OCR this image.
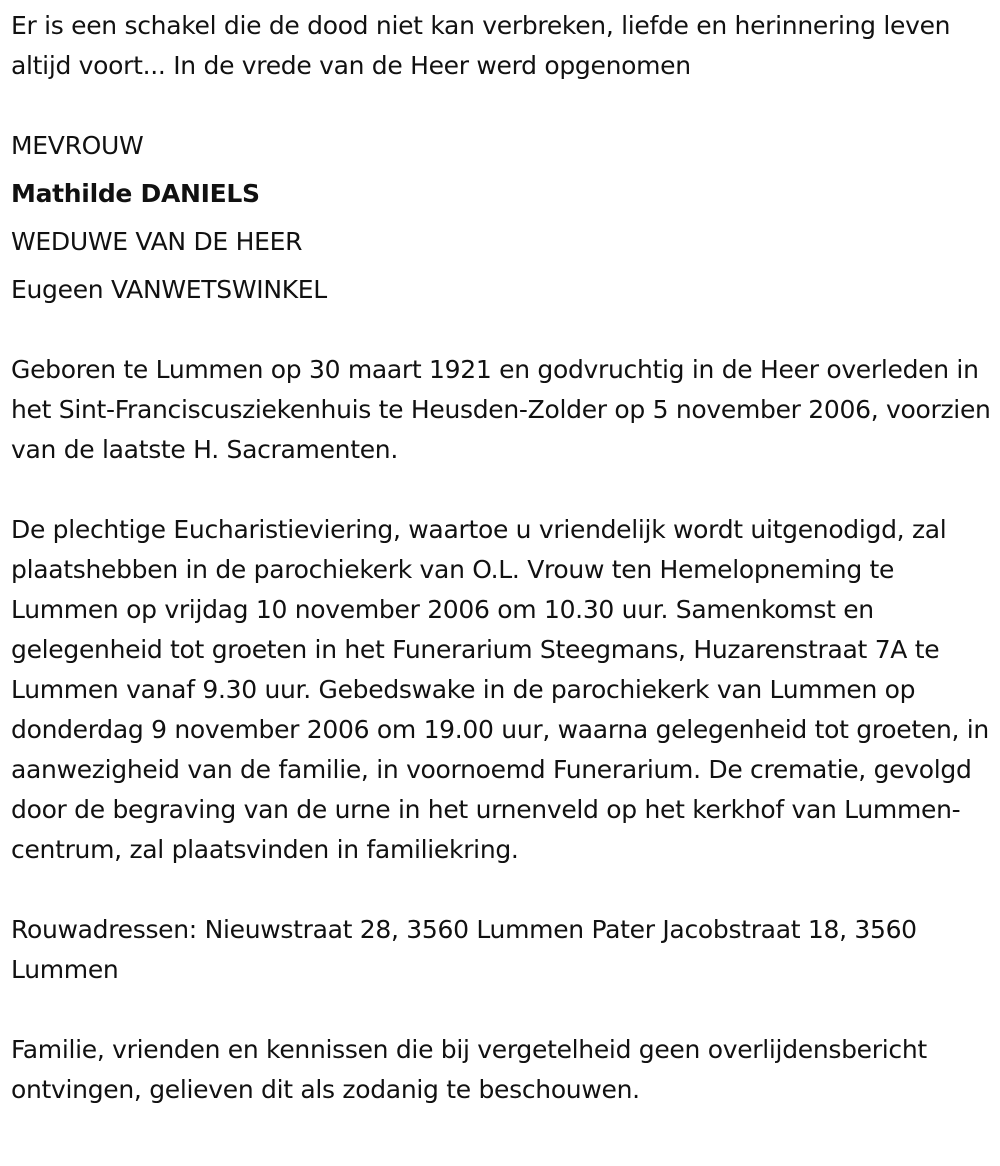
Er is een schakel die de dood niet kan verbreken, liefde en herinnering leven altijd voort... In de vrede van de Heer werd opgenomen

MEVROUW

Mathilde DANIELS

WEDUWE VAN DE HEER

Eugeen VANWETSWINKEL

Geboren te Lummen op 30 maart 1921 en godvruchtig in de Heer overleden in het Sint-Franciscusziekenhuis te Heusden-Zolder op 5 november 2006, voorzien van de laatste H. Sacramenten.

De plechtige Eucharistieviering, waartoe u vriendelijk wordt uitgenodigd, zal plaatshebben in de parochiekerk van O.L. Vrouw ten Hemelopneming te Lummen op vrijdag 10 november 2006 om 10.30 uur. Samenkomst en gelegenheid tot groeten in het Funerarium Steegmans, Huzarenstraat 7A te Lummen vanaf 9.30 uur. Gebedswake in de parochiekerk van Lummen op donderdag 9 november 2006 om 19.00 uur, waarna gelegenheid tot groeten, in aanwezigheid van de familie, in voornoemd Funerarium. De crematie, gevolgd door de begraving van de urne in het urnenveld op het kerkhof van Lummen-centrum, zal plaatsvinden in familiekring.

Rouwadressen: Nieuwstraat 28, 3560 Lummen Pater Jacobstraat 18, 3560 Lummen

Familie, vrienden en kennissen die bij vergetelheid geen overlijdensbericht ontvingen, gelieven dit als zodanig te beschouwen.
